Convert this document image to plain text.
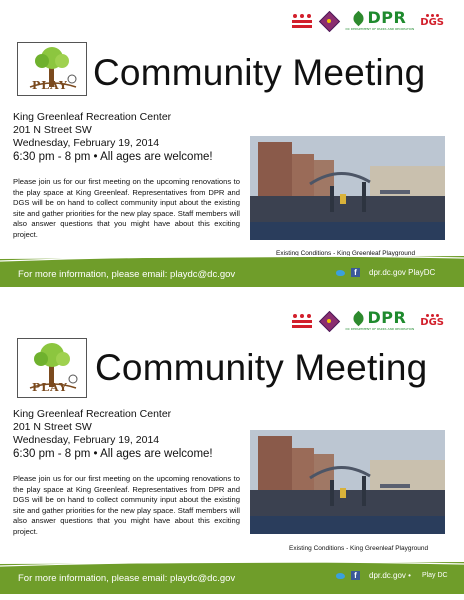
DPR
DC DEPARTMENT OF PARKS AND RECREATION
DGS
PLAY Community Meeting
King Greenleaf Recreation Center
201 N Street SW
Wednesday, February 19, 2014
6:30 pm - 8 pm • All ages are welcome!
Please join us for our first meeting on the upcoming renovations to the play space at King Greenleaf. Representatives from DPR and DGS will be on hand to collect community input about the existing site and gather priorities for the new play space. Staff members will also answer questions that you might have about this exciting project.
Existing Conditions - King Greenleaf Playground
For more information, please email: playdc@dc.gov	f	dpr.dc.gov PlayDC
DPR
DC DEPARTMENT OF PARKS AND RECREATION
DGS
PLAY Community Meeting
King Greenleaf Recreation Center
201 N Street SW
Wednesday, February 19, 2014
6:30 pm - 8 pm • All ages are welcome!
Please join us for our first meeting on the upcoming renovations to the play space at King Greenleaf. Representatives from DPR and DGS will be on hand to collect community input about the existing site and gather priorities for the new play space. Staff members will also answer questions that you might have about this exciting project.
Existing Conditions - King Greenleaf Playground
For more information, please email: playdc@dc.gov	f	dpr.dc.gov • Play DC
